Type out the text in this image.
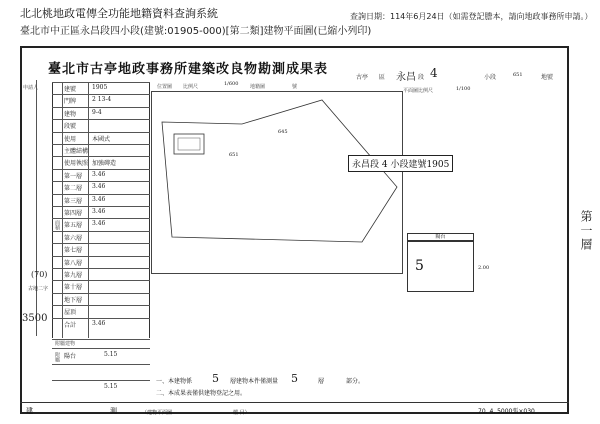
北北桃地政電傳全功能地籍資料查詢系統
臺北市中正區永昌段四小段(建號:01905-000)[第二類]建物平面圖(已縮小列印)
查詢日期：114年6月24日（如需登記謄本，請向地政事務所申請。）
臺北市古亭地政事務所建築改良物勘測成果表
古亭 區 永昌 段 4	小段	651	地號
位置圖 比例尺	1/600 地籍圖	號
平面圖比例尺	1/100
申請人
(70)
古地二字
3500
建號	1905
門牌	2 13-4
建物	9-4
段號
使用	本國式
主體結構
使用執照 加強磚造
第一層 3.46
第二層 3.46
第三層 3.46
第四層 3.46
第五層 3.46
第六層
第七層
第八層
第九層
第十層
地下層
屋頂
合計	3.46
面積
附屬建物
附屬 陽台	5.15
5.15
645
651
永昌段 4 小段建號1905
陽台
5	2.00
一、本建物係 5 層建物本件僅測量 5	層	部分。
二、本成果表僅供建物登記之用。
建	測	（建物平面圖	檔 目）	70. 4. 5000張×030
第一層
